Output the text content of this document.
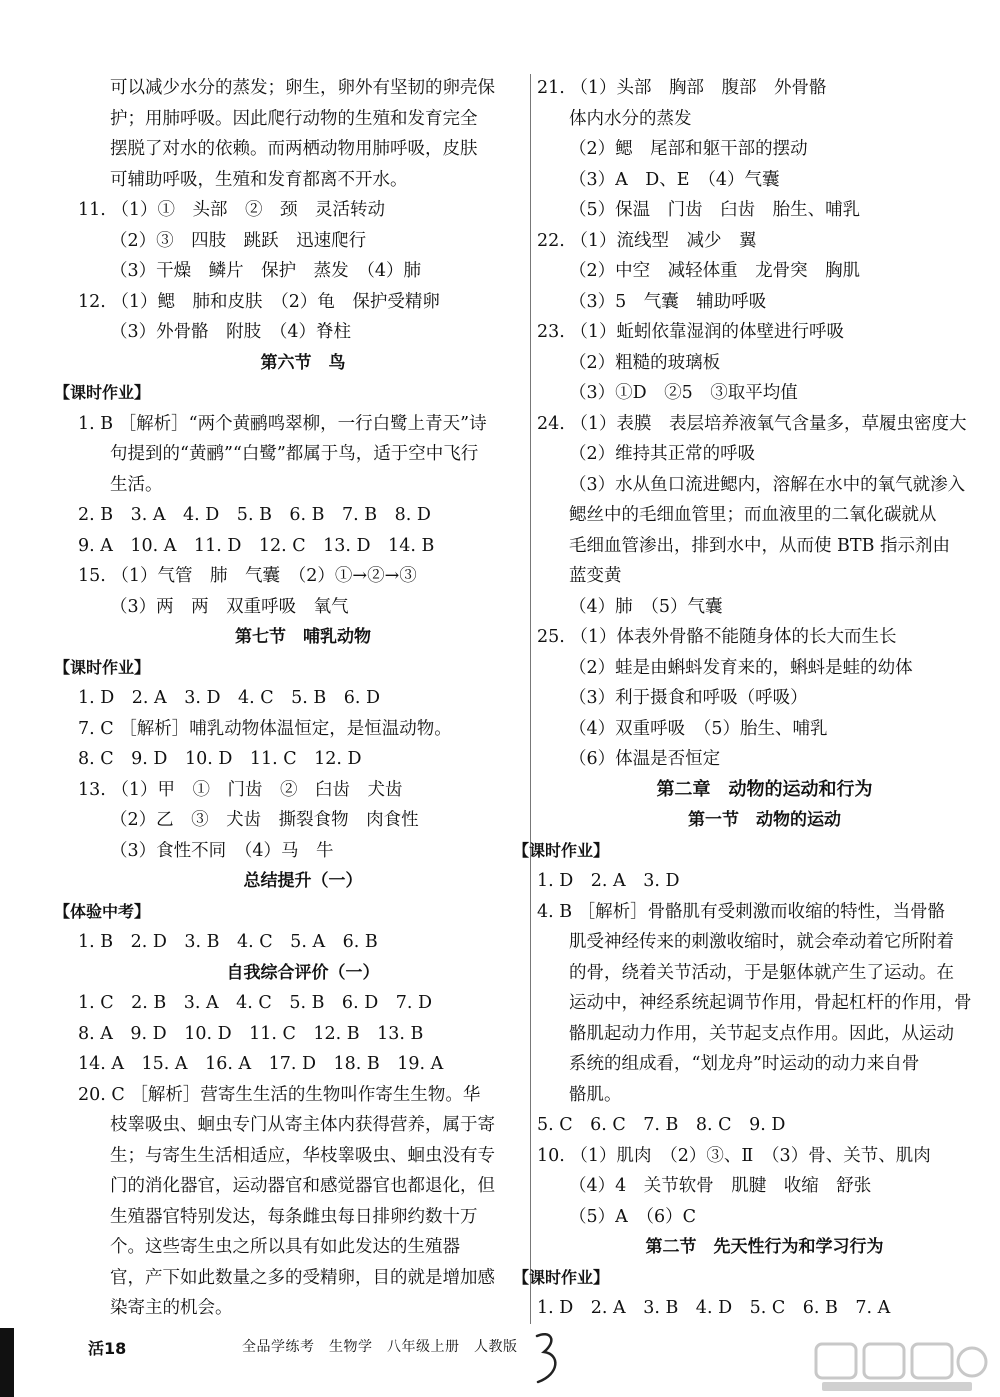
可以减少水分的蒸发；卵生，卵外有坚韧的卵壳保
护；用肺呼吸。因此爬行动物的生殖和发育完全
摆脱了对水的依赖。而两栖动物用肺呼吸，皮肤
可辅助呼吸，生殖和发育都离不开水。
11. （1）①　头部　②　颈　灵活转动
（2）③　四肢　跳跃　迅速爬行
（3）干燥　鳞片　保护　蒸发　（4）肺
12. （1）鳃　肺和皮肤　（2）龟　保护受精卵
（3）外骨骼　附肢　（4）脊柱
第六节　鸟
【课时作业】
1. B ［解析］“两个黄鹂鸣翠柳，一行白鹭上青天”诗
句提到的“黄鹂”“白鹭”都属于鸟，适于空中飞行
生活。
2. B　3. A　4. D　5. B　6. B　7. B　8. D
9. A　10. A　11. D　12. C　13. D　14. B
15. （1）气管　肺　气囊　（2）①→②→③
（3）两　两　双重呼吸　氧气
第七节　哺乳动物
【课时作业】
1. D　2. A　3. D　4. C　5. B　6. D
7. C ［解析］哺乳动物体温恒定，是恒温动物。
8. C　9. D　10. D　11. C　12. D
13. （1）甲　①　门齿　②　臼齿　犬齿
（2）乙　③　犬齿　撕裂食物　肉食性
（3）食性不同　（4）马　牛
总结提升（一）
【体验中考】
1. B　2. D　3. B　4. C　5. A　6. B
自我综合评价（一）
1. C　2. B　3. A　4. C　5. B　6. D　7. D
8. A　9. D　10. D　11. C　12. B　13. B
14. A　15. A　16. A　17. D　18. B　19. A
20. C ［解析］营寄生生活的生物叫作寄生生物。华
枝睾吸虫、蛔虫专门从寄主体内获得营养，属于寄
生；与寄生生活相适应，华枝睾吸虫、蛔虫没有专
门的消化器官，运动器官和感觉器官也都退化，但
生殖器官特别发达，每条雌虫每日排卵约数十万
个。这些寄生虫之所以具有如此发达的生殖器
官，产下如此数量之多的受精卵，目的就是增加感
染寄主的机会。
21. （1）头部　胸部　腹部　外骨骼
体内水分的蒸发
（2）鳃　尾部和躯干部的摆动
（3）A　D、E　（4）气囊
（5）保温　门齿　臼齿　胎生、哺乳
22. （1）流线型　减少　翼
（2）中空　减轻体重　龙骨突　胸肌
（3）5　气囊　辅助呼吸
23. （1）蚯蚓依靠湿润的体壁进行呼吸
（2）粗糙的玻璃板
（3）①D　②5　③取平均值
24. （1）表膜　表层培养液氧气含量多，草履虫密度大
（2）维持其正常的呼吸
（3）水从鱼口流进鳃内，溶解在水中的氧气就渗入
鳃丝中的毛细血管里；而血液里的二氧化碳就从
毛细血管渗出，排到水中，从而使 BTB 指示剂由
蓝变黄
（4）肺　（5）气囊
25. （1）体表外骨骼不能随身体的长大而生长
（2）蛙是由蝌蚪发育来的，蝌蚪是蛙的幼体
（3）利于摄食和呼吸（呼吸）
（4）双重呼吸　（5）胎生、哺乳
（6）体温是否恒定
第二章　动物的运动和行为
第一节　动物的运动
【课时作业】
1. D　2. A　3. D
4. B ［解析］骨骼肌有受刺激而收缩的特性，当骨骼
肌受神经传来的刺激收缩时，就会牵动着它所附着
的骨，绕着关节活动，于是躯体就产生了运动。在
运动中，神经系统起调节作用，骨起杠杆的作用，骨
骼肌起动力作用，关节起支点作用。因此，从运动
系统的组成看，“划龙舟”时运动的动力来自骨
骼肌。
5. C　6. C　7. B　8. C　9. D
10. （1）肌肉　（2）③、Ⅱ　（3）骨、关节、肌肉
（4）4　关节软骨　肌腱　收缩　舒张
（5）A　（6）C
第二节　先天性行为和学习行为
【课时作业】
1. D　2. A　3. B　4. D　5. C　6. B　7. A
活18	全品学练考　生物学　八年级上册　人教版
